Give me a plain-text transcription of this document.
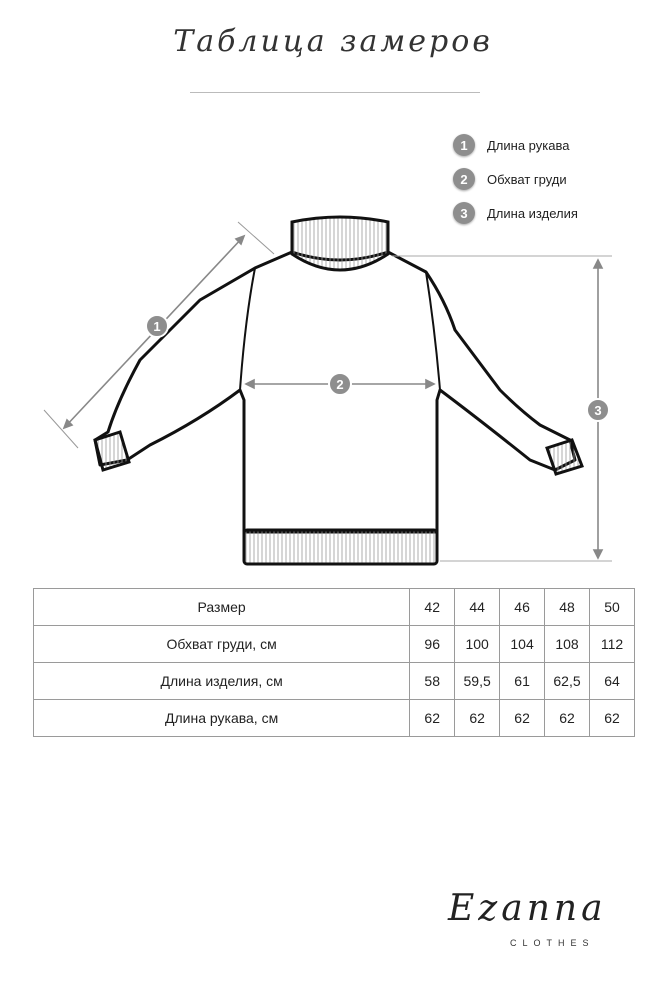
Таблица замеров
1	Длина рукава
2	Обхват груди
3	Длина изделия
1
2
3
Размер	42	44	46	48	50
Обхват груди, см	96	100	104	108	112
Длина изделия, см	58	59,5	61	62,5	64
Длина рукава, см	62	62	62	62	62
Ezanna
CLOTHES
